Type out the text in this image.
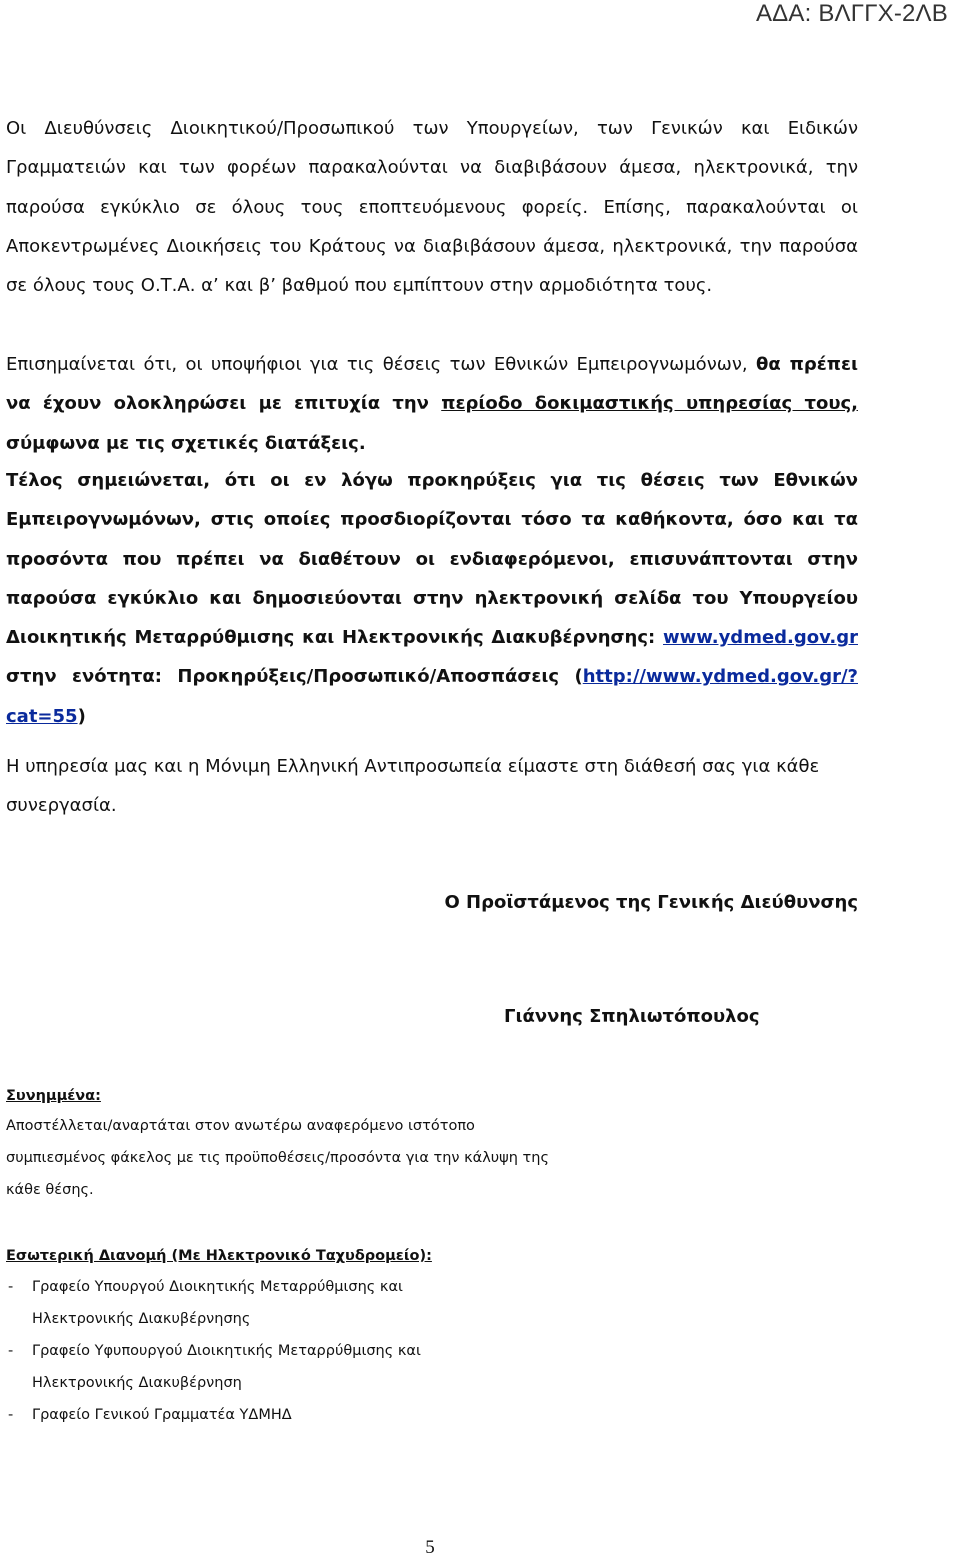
ΑΔΑ: ΒΛΓΓΧ-2ΛΒ
Οι Διευθύνσεις Διοικητικού/Προσωπικού των Υπουργείων, των Γενικών και Ειδικών Γραμματειών και των φορέων παρακαλούνται να διαβιβάσουν άμεσα, ηλεκτρονικά, την παρούσα εγκύκλιο σε όλους τους εποπτευόμενους φορείς. Επίσης, παρακαλούνται οι Αποκεντρωμένες Διοικήσεις του Κράτους να διαβιβάσουν άμεσα, ηλεκτρονικά, την παρούσα σε όλους τους Ο.Τ.Α. α’ και β’ βαθμού που εμπίπτουν στην αρμοδιότητα τους.
Επισημαίνεται ότι, οι υποψήφιοι για τις θέσεις των Εθνικών Εμπειρογνωμόνων, θα πρέπει να έχουν ολοκληρώσει με επιτυχία την περίοδο δοκιμαστικής υπηρεσίας τους, σύμφωνα με τις σχετικές διατάξεις.
Τέλος σημειώνεται, ότι οι εν λόγω προκηρύξεις για τις θέσεις των Εθνικών Εμπειρογνωμόνων, στις οποίες προσδιορίζονται τόσο τα καθήκοντα, όσο και τα προσόντα που πρέπει να διαθέτουν οι ενδιαφερόμενοι, επισυνάπτονται στην παρούσα εγκύκλιο και δημοσιεύονται στην ηλεκτρονική σελίδα του Υπουργείου Διοικητικής Μεταρρύθμισης και Ηλεκτρονικής Διακυβέρνησης: www.ydmed.gov.gr στην ενότητα: Προκηρύξεις/Προσωπικό/Αποσπάσεις (http://www.ydmed.gov.gr/?cat=55)
Η υπηρεσία μας και η Μόνιμη Ελληνική Αντιπροσωπεία είμαστε στη διάθεσή σας για κάθε συνεργασία.
Ο Προϊστάμενος της Γενικής Διεύθυνσης
Γιάννης Σπηλιωτόπουλος
Συνημμένα:
Αποστέλλεται/αναρτάται στον ανωτέρω αναφερόμενο ιστότοπο
συμπιεσμένος φάκελος με τις προϋποθέσεις/προσόντα για την κάλυψη της
κάθε θέσης.
Εσωτερική Διανομή (Με Ηλεκτρονικό Ταχυδρομείο):
- Γραφείο Υπουργού Διοικητικής Μεταρρύθμισης και
Ηλεκτρονικής Διακυβέρνησης
- Γραφείο Υφυπουργού Διοικητικής Μεταρρύθμισης και
Ηλεκτρονικής Διακυβέρνηση
- Γραφείο Γενικού Γραμματέα ΥΔΜΗΔ
5
